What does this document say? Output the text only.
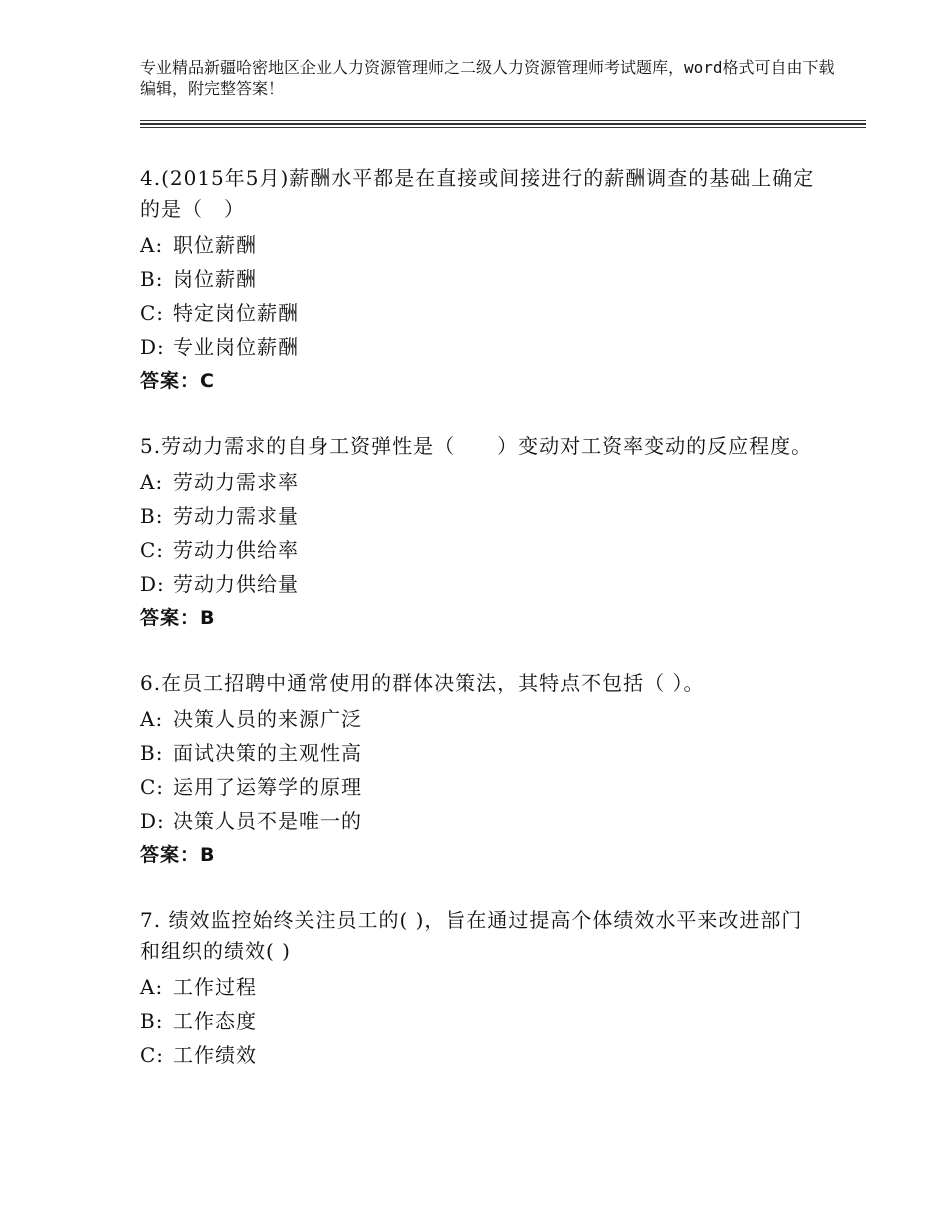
专业精品新疆哈密地区企业人力资源管理师之二级人力资源管理师考试题库，word格式可自由下载编辑，附完整答案！
4.(2015年5月)薪酬水平都是在直接或间接进行的薪酬调查的基础上确定的是（　）
A: 职位薪酬
B: 岗位薪酬
C: 特定岗位薪酬
D: 专业岗位薪酬
答案：C
5.劳动力需求的自身工资弹性是（　　）变动对工资率变动的反应程度。
A: 劳动力需求率
B: 劳动力需求量
C: 劳动力供给率
D: 劳动力供给量
答案：B
6.在员工招聘中通常使用的群体决策法，其特点不包括（ ）。
A: 决策人员的来源广泛
B: 面试决策的主观性高
C: 运用了运筹学的原理
D: 决策人员不是唯一的
答案：B
7. 绩效监控始终关注员工的( )，旨在通过提高个体绩效水平来改进部门和组织的绩效( )
A: 工作过程
B: 工作态度
C: 工作绩效
